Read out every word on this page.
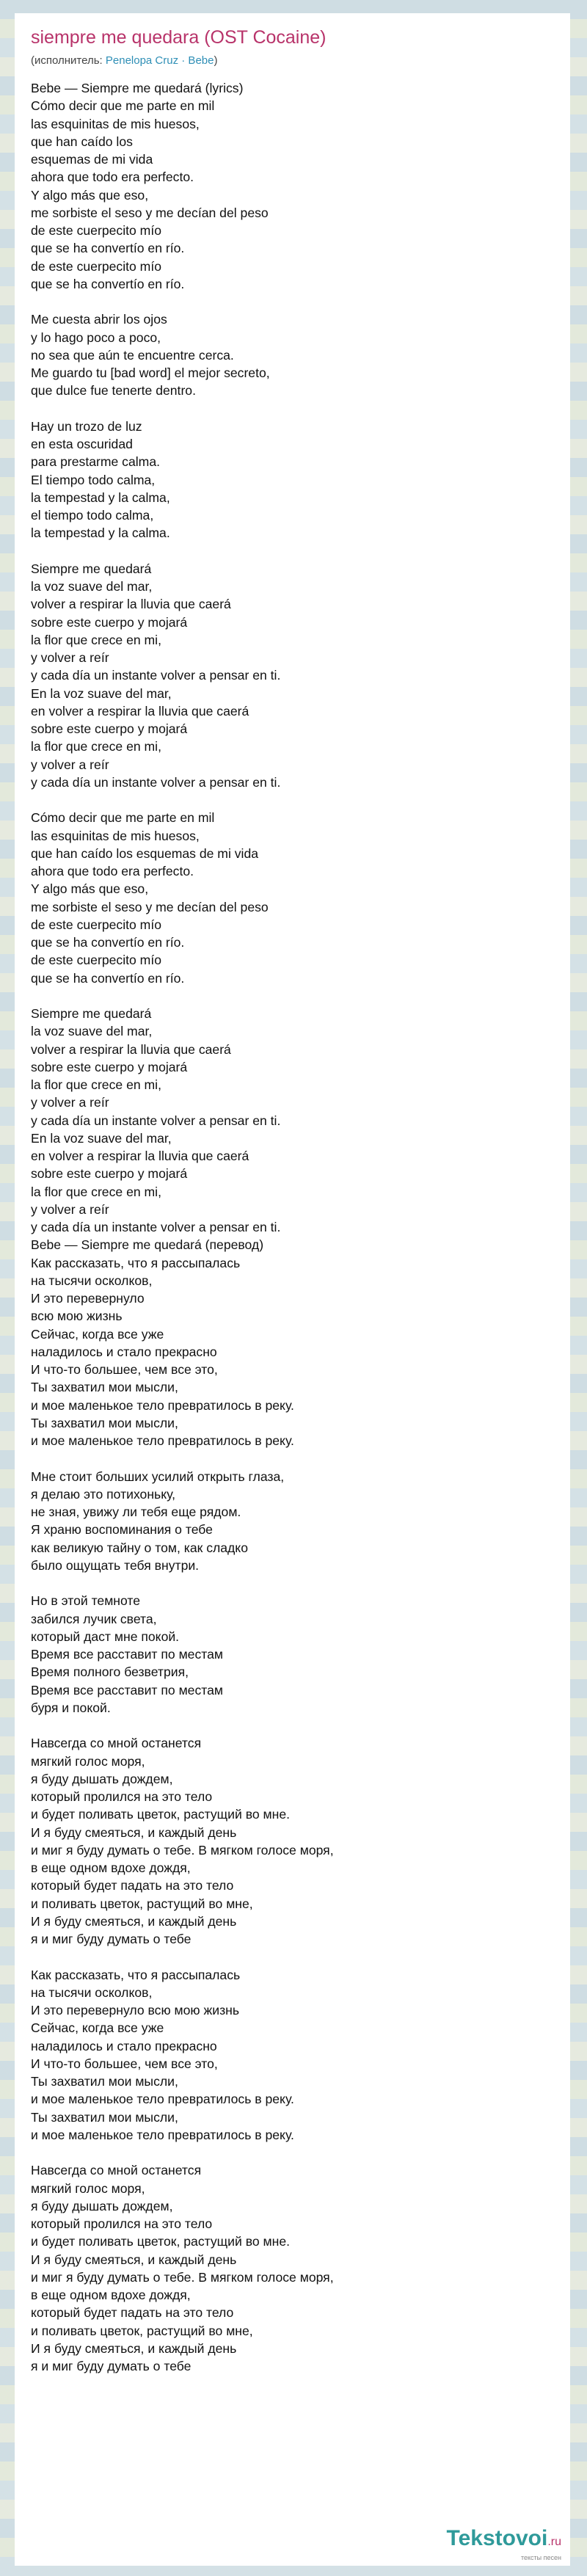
siempre me quedara (OST Cocaine)
(исполнитель: Penelopa Cruz · Bebe)
Bebe — Siempre me quedará (lyrics)
Cómo decir que me parte en mil
las esquinitas de mis huesos,
que han caído los
esquemas de mi vida
ahora que todo era perfecto.
Y algo más que eso,
me sorbiste el seso y me decían del peso
de este cuerpecito mío
que se ha convertío en río.
de este cuerpecito mío
que se ha convertío en río.
Me cuesta abrir los ojos
y lo hago poco a poco,
no sea que aún te encuentre cerca.
Me guardo tu [bad word] el mejor secreto,
que dulce fue tenerte dentro.
Hay un trozo de luz
en esta oscuridad
para prestarme calma.
El tiempo todo calma,
la tempestad y la calma,
el tiempo todo calma,
la tempestad y la calma.
Siempre me quedará
la voz suave del mar,
volver a respirar la lluvia que caerá
sobre este cuerpo y mojará
la flor que crece en mi,
y volver a reír
y cada día un instante volver a pensar en ti.
En la voz suave del mar,
en volver a respirar la lluvia que caerá
sobre este cuerpo y mojará
la flor que crece en mi,
y volver a reír
y cada día un instante volver a pensar en ti.
Cómo decir que me parte en mil
las esquinitas de mis huesos,
que han caído los esquemas de mi vida
ahora que todo era perfecto.
Y algo más que eso,
me sorbiste el seso y me decían del peso
de este cuerpecito mío
que se ha convertío en río.
de este cuerpecito mío
que se ha convertío en río.
Siempre me quedará
la voz suave del mar,
volver a respirar la lluvia que caerá
sobre este cuerpo y mojará
la flor que crece en mi,
y volver a reír
y cada día un instante volver a pensar en ti.
En la voz suave del mar,
en volver a respirar la lluvia que caerá
sobre este cuerpo y mojará
la flor que crece en mi,
y volver a reír
y cada día un instante volver a pensar en ti.
Bebe — Siempre me quedará (перевод)
Как рассказать, что я рассыпалась
на тысячи осколков,
И это перевернуло
всю мою жизнь
Сейчас, когда все уже
наладилось и стало прекрасно
И что-то большее, чем все это,
Ты захватил мои мысли,
и мое маленькое тело превратилось в реку.
Ты захватил мои мысли,
и мое маленькое тело превратилось в реку.
Мне стоит больших усилий открыть глаза,
я делаю это потихоньку,
не зная, увижу ли тебя еще рядом.
Я храню воспоминания о тебе
как великую тайну о том, как сладко
было ощущать тебя внутри.
Но в этой темноте
забился лучик света,
который даст мне покой.
Время все расставит по местам
Время полного безветрия,
Время все расставит по местам
буря и покой.
Навсегда со мной останется
мягкий голос моря,
я буду дышать дождем,
который пролился на это тело
и будет поливать цветок, растущий во мне.
И я буду смеяться, и каждый день
и миг я буду думать о тебе. В мягком голосе моря,
в еще одном вдохе дождя,
который будет падать на это тело
и поливать цветок, растущий во мне,
И я буду смеяться, и каждый день
я и миг буду думать о тебе
Как рассказать, что я рассыпалась
на тысячи осколков,
И это перевернуло всю мою жизнь
Сейчас, когда все уже
наладилось и стало прекрасно
И что-то большее, чем все это,
Ты захватил мои мысли,
и мое маленькое тело превратилось в реку.
Ты захватил мои мысли,
и мое маленькое тело превратилось в реку.
Навсегда со мной останется
мягкий голос моря,
я буду дышать дождем,
который пролился на это тело
и будет поливать цветок, растущий во мне.
И я буду смеяться, и каждый день
и миг я буду думать о тебе. В мягком голосе моря,
в еще одном вдохе дождя,
который будет падать на это тело
и поливать цветок, растущий во мне,
И я буду смеяться, и каждый день
я и миг буду думать о тебе
Tekstovoi.ru
тексты песен
